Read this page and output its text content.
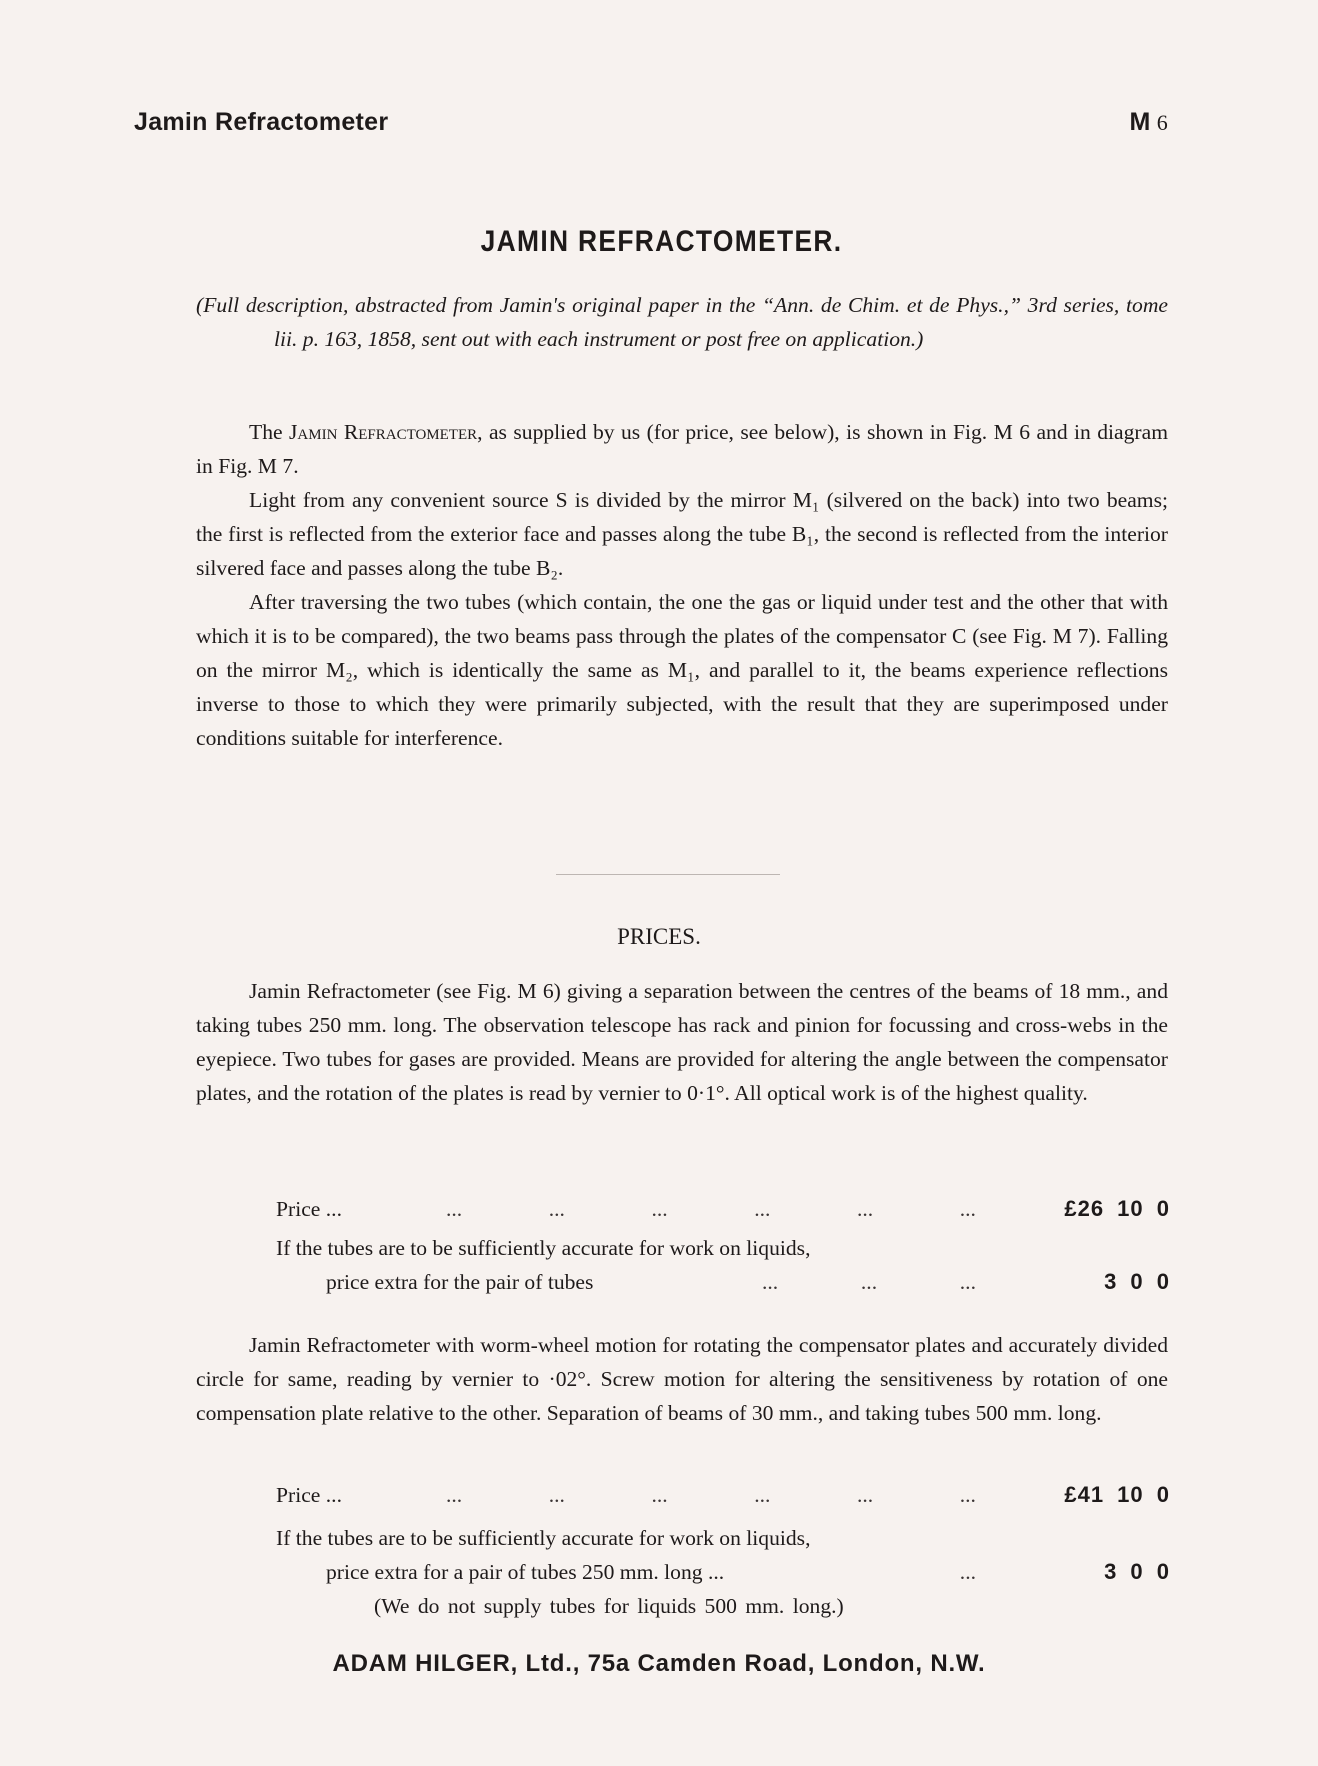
Jamin Refractometer	M 6
JAMIN REFRACTOMETER.

(Full description, abstracted from Jamin's original paper in the “Ann. de Chim. et de Phys.,” 3rd series, tome lii. p. 163, 1858, sent out with each instrument or post free on application.)

The Jamin Refractometer, as supplied by us (for price, see below), is shown in Fig. M 6 and in diagram in Fig. M 7.

Light from any convenient source S is divided by the mirror M₁ (silvered on the back) into two beams; the first is reflected from the exterior face and passes along the tube B₁, the second is reflected from the interior silvered face and passes along the tube B₂.

After traversing the two tubes (which contain, the one the gas or liquid under test and the other that with which it is to be compared), the two beams pass through the plates of the compensator C (see Fig. M 7). Falling on the mirror M₂, which is identically the same as M₁, and parallel to it, the beams experience reflections inverse to those to which they were primarily subjected, with the result that they are superimposed under conditions suitable for interference.

PRICES.

Jamin Refractometer (see Fig. M 6) giving a separation between the centres of the beams of 18 mm., and taking tubes 250 mm. long. The observation telescope has rack and pinion for focussing and cross-webs in the eyepiece. Two tubes for gases are provided. Means are provided for altering the angle between the compensator plates, and the rotation of the plates is read by vernier to 0·1°. All optical work is of the highest quality.

Price ...	...	...	...	...	...	...	£26 10 0
If the tubes are to be sufficiently accurate for work on liquids,
price extra for the pair of tubes	...	...	...	3 0 0

Jamin Refractometer with worm-wheel motion for rotating the compensator plates and accurately divided circle for same, reading by vernier to ·02°. Screw motion for altering the sensitiveness by rotation of one compensation plate relative to the other. Separation of beams of 30 mm., and taking tubes 500 mm. long.

Price ...	...	...	...	...	...	...	£41 10 0
If the tubes are to be sufficiently accurate for work on liquids,
price extra for a pair of tubes 250 mm. long ...	...	3 0 0
(We do not supply tubes for liquids 500 mm. long.)
ADAM HILGER, Ltd., 75a Camden Road, London, N.W.
